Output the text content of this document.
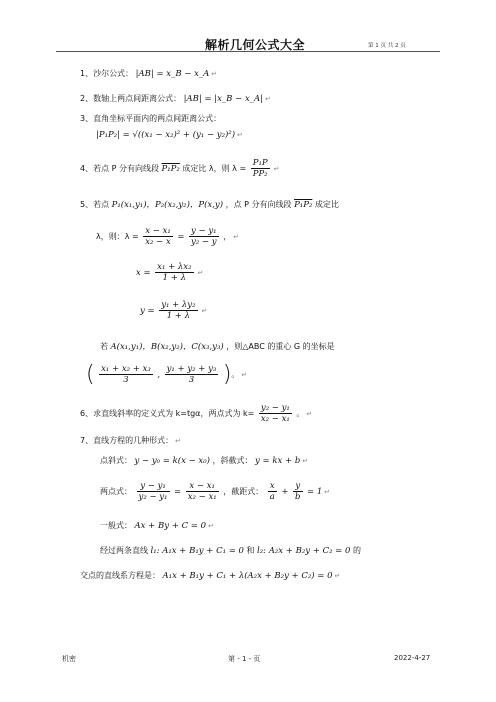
解析几何公式大全	第 1 页 共 2 页
1、沙尔公式： |AB| = x_B − x_A ↵
2、数轴上两点间距离公式： |AB| = |x_B − x_A| ↵
3、直角坐标平面内的两点间距离公式：
|P₁P₂| = √((x₁ − x₂)² + (y₁ − y₂)²) ↵
4、若点 P 分有向线段 P₁P₂ 成定比 λ，则 $\lambda = \frac{\text{P₁P}}{\text{PP₂}}$ ↵
5、若点 P₁(x₁,y₁)，P₂(x₂,y₂)，P(x,y) ，点 P 分有向线段 P₁P₂ 成定比
λ，则：$\lambda = \frac{\text{x − x₁}}{\text{x₂ − x}} = \frac{\text{y − y₁}}{\text{y₂ − y}}$ ， ↵
$x = \frac{\text{x₁ + λx₂}}{1 + \lambda}$ ↵
$y = \frac{\text{y₁ + λy₂}}{1 + \lambda}$ ↵
若 A(x₁,y₁)，B(x₂,y₂)，C(x₃,y₃) ，则△ABC 的重心 G 的坐标是
( $\frac{\text{x₁ + x₂ + x₃}}{3}$ , $\frac{\text{y₁ + y₂ + y₃}}{3}$ )。 ↵
6、求直线斜率的定义式为 k=tgα，两点式为 $k= \frac{\text{y₂ − y₁}}{\text{x₂ − x₁}}$ 。 ↵
7、直线方程的几种形式： ↵
点斜式： y − y₀ = k(x − x₀) ，斜截式： y = kx + b ↵
两点式： $\frac{\text{y − y₁}}{\text{y₂ − y₁}} = \frac{\text{x − x₁}}{\text{x₂ − x₁}}$ ，截距式： $\frac{x}{a} + \frac{y}{b} = 1$ ↵
一般式： Ax + By + C = 0 ↵
经过两条直线 l₁: A₁x + B₁y + C₁ = 0 和 l₂: A₂x + B₂y + C₂ = 0 的
交点的直线系方程是： A₁x + B₁y + C₁ + λ(A₂x + B₂y + C₂) = 0 ↵
机密	第 - 1 - 页	2022-4-27
